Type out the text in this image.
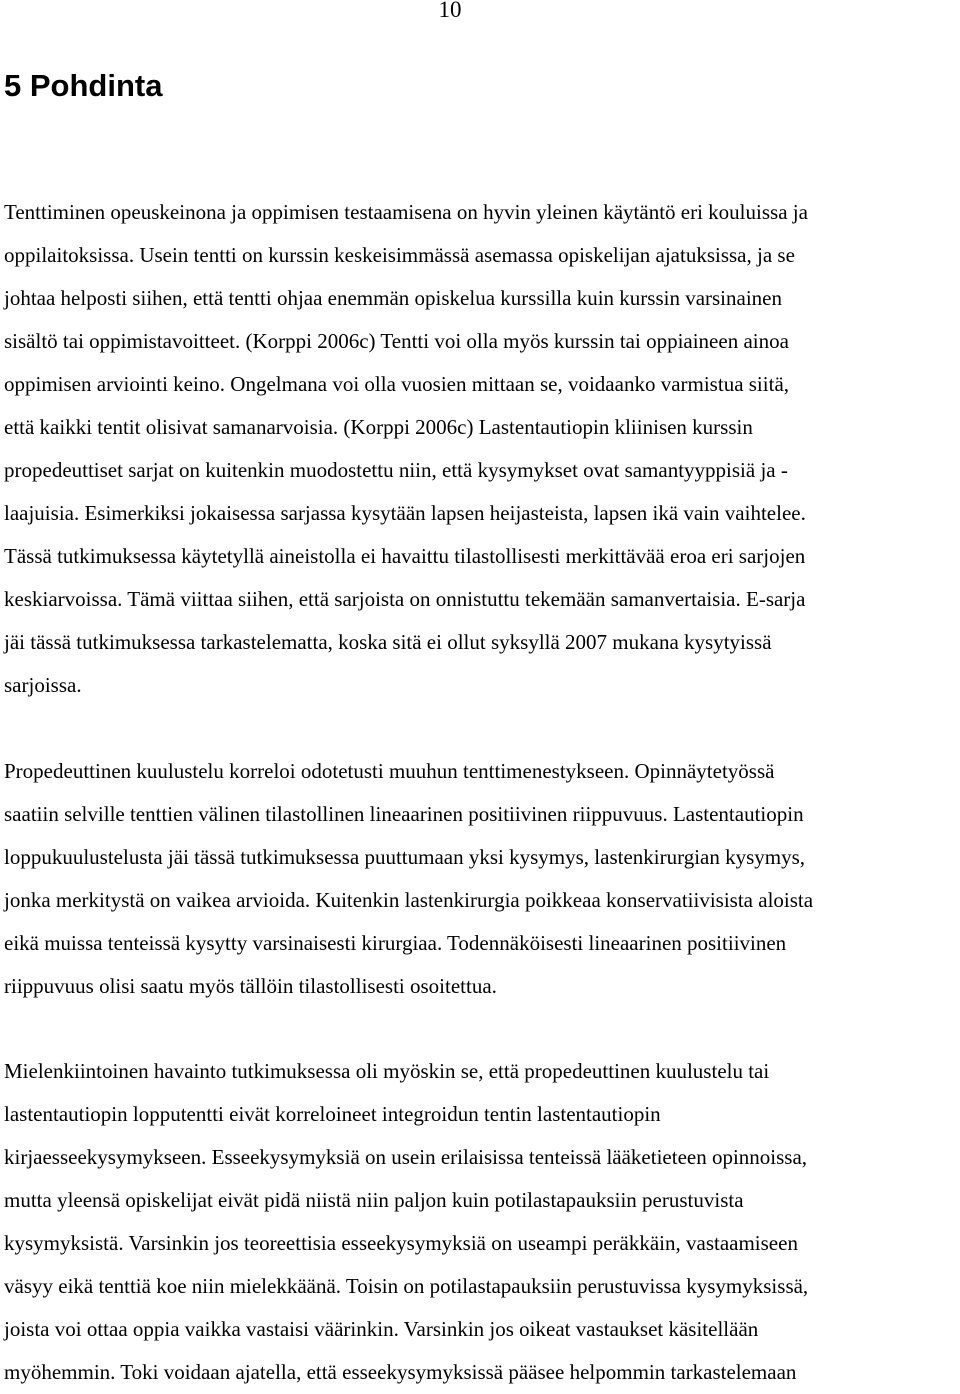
10
5 Pohdinta

Tenttiminen opeuskeinona ja oppimisen testaamisena on hyvin yleinen käytäntö eri kouluissa ja
oppilaitoksissa. Usein tentti on kurssin keskeisimmässä asemassa opiskelijan ajatuksissa, ja se
johtaa helposti siihen, että tentti ohjaa enemmän opiskelua kurssilla kuin kurssin varsinainen
sisältö tai oppimistavoitteet. (Korppi 2006c) Tentti voi olla myös kurssin tai oppiaineen ainoa
oppimisen arviointi keino. Ongelmana voi olla vuosien mittaan se, voidaanko varmistua siitä,
että kaikki tentit olisivat samanarvoisia. (Korppi 2006c) Lastentautiopin kliinisen kurssin
propedeuttiset sarjat on kuitenkin muodostettu niin, että kysymykset ovat samantyyppisiä ja -
laajuisia. Esimerkiksi jokaisessa sarjassa kysytään lapsen heijasteista, lapsen ikä vain vaihtelee.
Tässä tutkimuksessa käytetyllä aineistolla ei havaittu tilastollisesti merkittävää eroa eri sarjojen
keskiarvoissa. Tämä viittaa siihen, että sarjoista on onnistuttu tekemään samanvertaisia. E-sarja
jäi tässä tutkimuksessa tarkastelematta, koska sitä ei ollut syksyllä 2007 mukana kysytyissä
sarjoissa.

Propedeuttinen kuulustelu korreloi odotetusti muuhun tenttimenestykseen. Opinnäytetyössä
saatiin selville tenttien välinen tilastollinen lineaarinen positiivinen riippuvuus. Lastentautiopin
loppukuulustelusta jäi tässä tutkimuksessa puuttumaan yksi kysymys, lastenkirurgian kysymys,
jonka merkitystä on vaikea arvioida. Kuitenkin lastenkirurgia poikkeaa konservatiivisista aloista
eikä muissa tenteissä kysytty varsinaisesti kirurgiaa. Todennäköisesti lineaarinen positiivinen
riippuvuus olisi saatu myös tällöin tilastollisesti osoitettua.

Mielenkiintoinen havainto tutkimuksessa oli myöskin se, että propedeuttinen kuulustelu tai
lastentautiopin lopputentti eivät korreloineet integroidun tentin lastentautiopin
kirjaesseekysymykseen. Esseekysymyksiä on usein erilaisissa tenteissä lääketieteen opinnoissa,
mutta yleensä opiskelijat eivät pidä niistä niin paljon kuin potilastapauksiin perustuvista
kysymyksistä. Varsinkin jos teoreettisia esseekysymyksiä on useampi peräkkäin, vastaamiseen
väsyy eikä tenttiä koe niin mielekkäänä. Toisin on potilastapauksiin perustuvissa kysymyksissä,
joista voi ottaa oppia vaikka vastaisi väärinkin. Varsinkin jos oikeat vastaukset käsitellään
myöhemmin. Toki voidaan ajatella, että esseekysymyksissä pääsee helpommin tarkastelemaan
